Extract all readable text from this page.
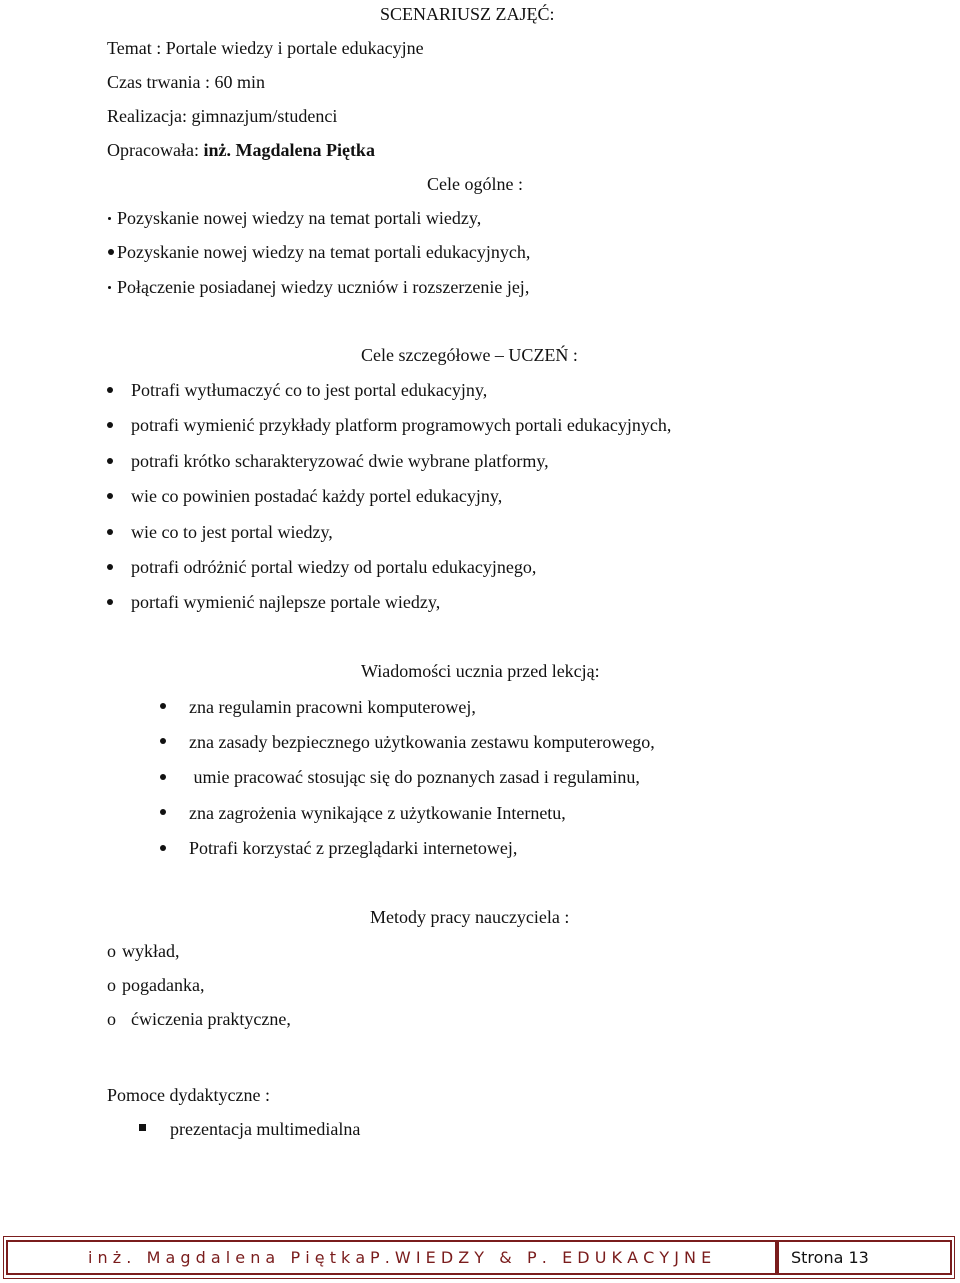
SCENARIUSZ ZAJĘĆ:
Temat : Portale wiedzy i portale edukacyjne
Czas trwania : 60 min
Realizacja: gimnazjum/studenci
Opracowała: inż. Magdalena Piętka
Cele ogólne :
Pozyskanie nowej wiedzy na temat portali wiedzy,
Pozyskanie nowej wiedzy na temat portali edukacyjnych,
Połączenie posiadanej wiedzy uczniów i rozszerzenie jej,
Cele szczegółowe – UCZEŃ :
Potrafi wytłumaczyć co to jest portal edukacyjny,
potrafi wymienić przykłady platform programowych portali edukacyjnych,
potrafi krótko scharakteryzować dwie wybrane platformy,
wie co powinien postadać każdy portel edukacyjny,
wie co to jest portal wiedzy,
potrafi odróżnić portal wiedzy od portalu edukacyjnego,
portafi wymienić najlepsze portale wiedzy,
Wiadomości ucznia przed lekcją:
zna regulamin pracowni komputerowej,
zna zasady bezpiecznego użytkowania zestawu komputerowego,
umie pracować stosując się do poznanych zasad i regulaminu,
zna zagrożenia wynikające z użytkowanie Internetu,
Potrafi korzystać z przeglądarki internetowej,
Metody pracy nauczyciela :
o wykład,
o pogadanka,
o ćwiczenia praktyczne,
Pomoce dydaktyczne :
prezentacja multimedialna
i n ż .   M a g d a l e n a   P i ę t k a P . W I E D Z Y   &   P .   E D U K A C Y J N E	Strona 13
